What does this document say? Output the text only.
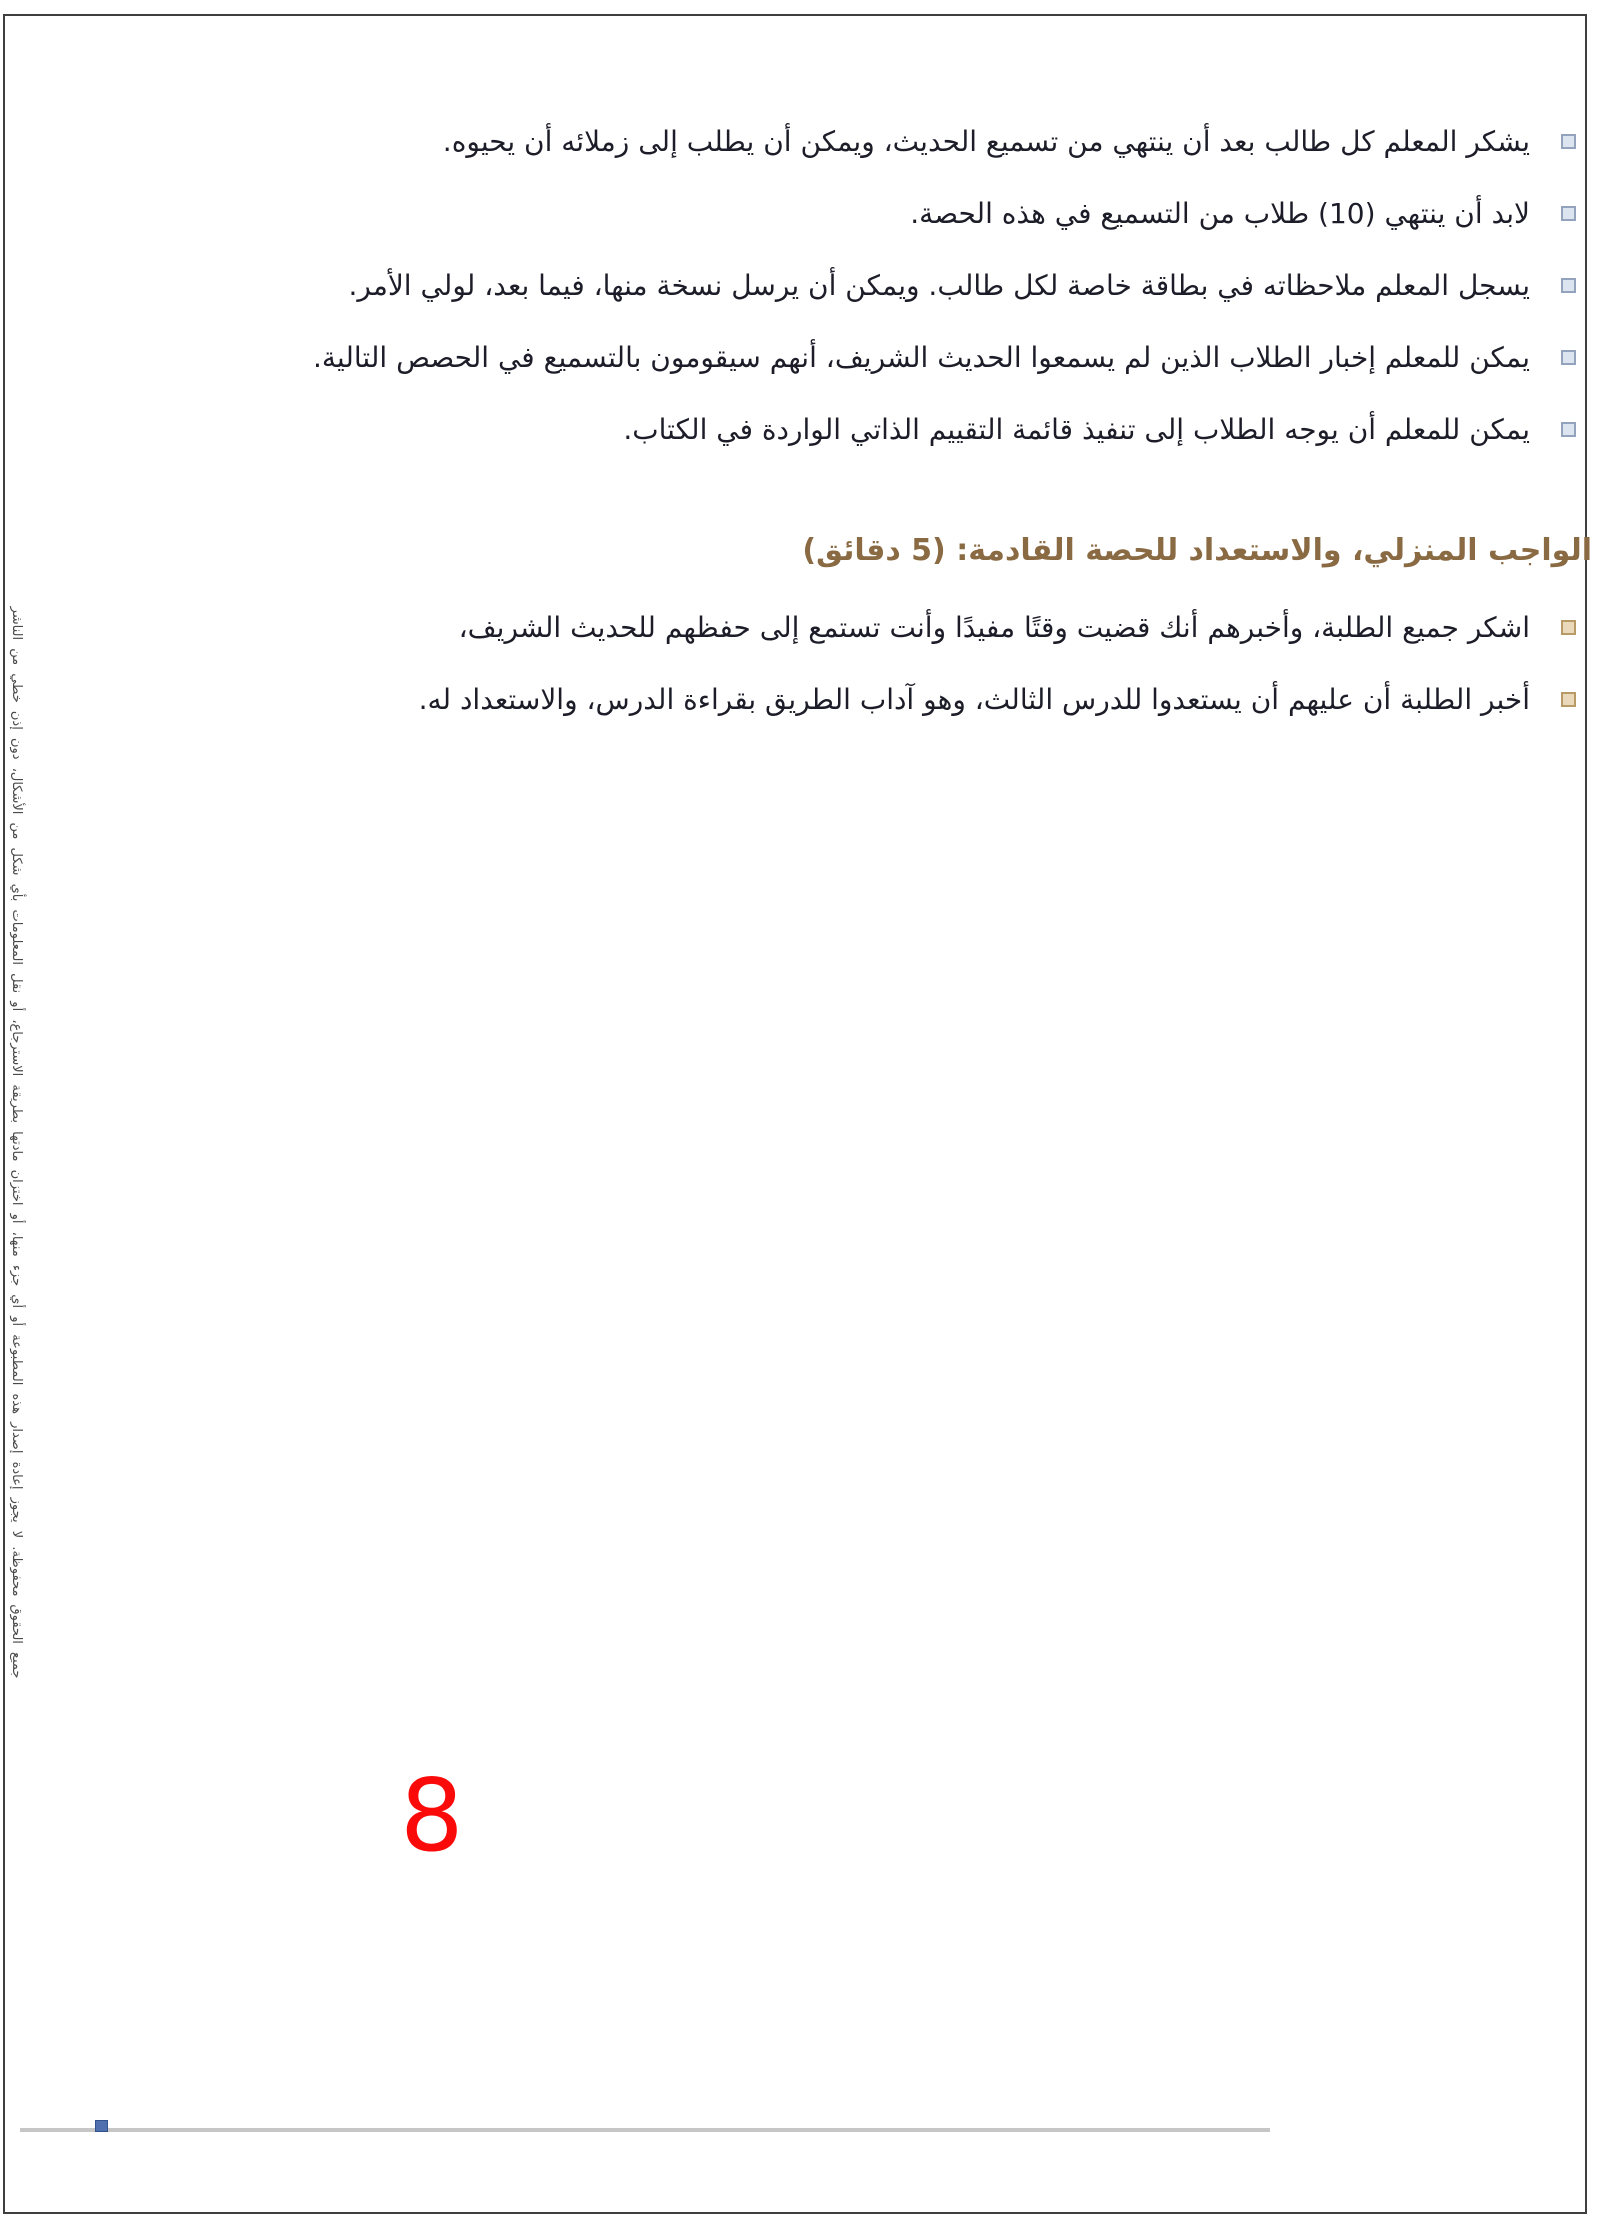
يشكر المعلم كل طالب بعد أن ينتهي من تسميع الحديث، ويمكن أن يطلب إلى زملائه أن يحيوه.
لابد أن ينتهي (10) طلاب من التسميع في هذه الحصة.
يسجل المعلم ملاحظاته في بطاقة خاصة لكل طالب. ويمكن أن يرسل نسخة منها، فيما بعد، لولي الأمر.
يمكن للمعلم إخبار الطلاب الذين لم يسمعوا الحديث الشريف، أنهم سيقومون بالتسميع في الحصص التالية.
يمكن للمعلم أن يوجه الطلاب إلى تنفيذ قائمة التقييم الذاتي الواردة في الكتاب.
الواجب المنزلي، والاستعداد للحصة القادمة: (5 دقائق)
اشكر جميع الطلبة، وأخبرهم أنك قضيت وقتًا مفيدًا وأنت تستمع إلى حفظهم للحديث الشريف،
أخبر الطلبة أن عليهم أن يستعدوا للدرس الثالث، وهو آداب الطريق بقراءة الدرس، والاستعداد له.
8
جميع الحقوق محفوظة. لا يجوز إعادة إصدار هذه المطبوعة أو أي جزء منها، أو اختزان مادتها بطريقة الاسترجاع، أو نقل المعلومات بأي شكل من الأشكال، دون إذن خطي من الناشر
